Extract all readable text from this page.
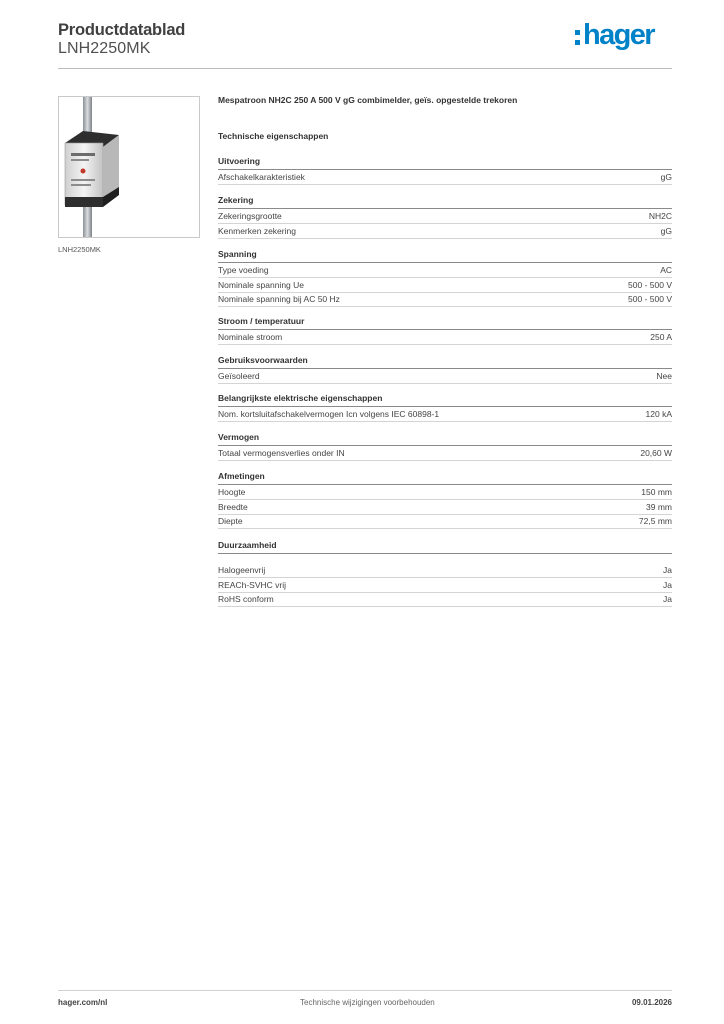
Productdatablad
LNH2250MK	hager
LNH2250MK
Mespatroon NH2C 250 A 500 V gG combimelder, geïs. opgestelde trekoren
Technische eigenschappen
Uitvoering
Afschakelkarakteristiek	gG
Zekering
Zekeringsgrootte	NH2C
Kenmerken zekering	gG
Spanning
Type voeding	AC
Nominale spanning Ue	500 - 500 V
Nominale spanning bij AC 50 Hz	500 - 500 V
Stroom / temperatuur
Nominale stroom	250 A
Gebruiksvoorwaarden
Geïsoleerd	Nee
Belangrijkste elektrische eigenschappen
Nom. kortsluitafschakelvermogen Icn volgens IEC 60898-1	120 kA
Vermogen
Totaal vermogensverlies onder IN	20,60 W
Afmetingen
Hoogte	150 mm
Breedte	39 mm
Diepte	72,5 mm
Duurzaamheid
Halogeenvrij	Ja
REACh-SVHC vrij	Ja
RoHS conform	Ja
hager.com/nl	Technische wijzigingen voorbehouden	09.01.2026
